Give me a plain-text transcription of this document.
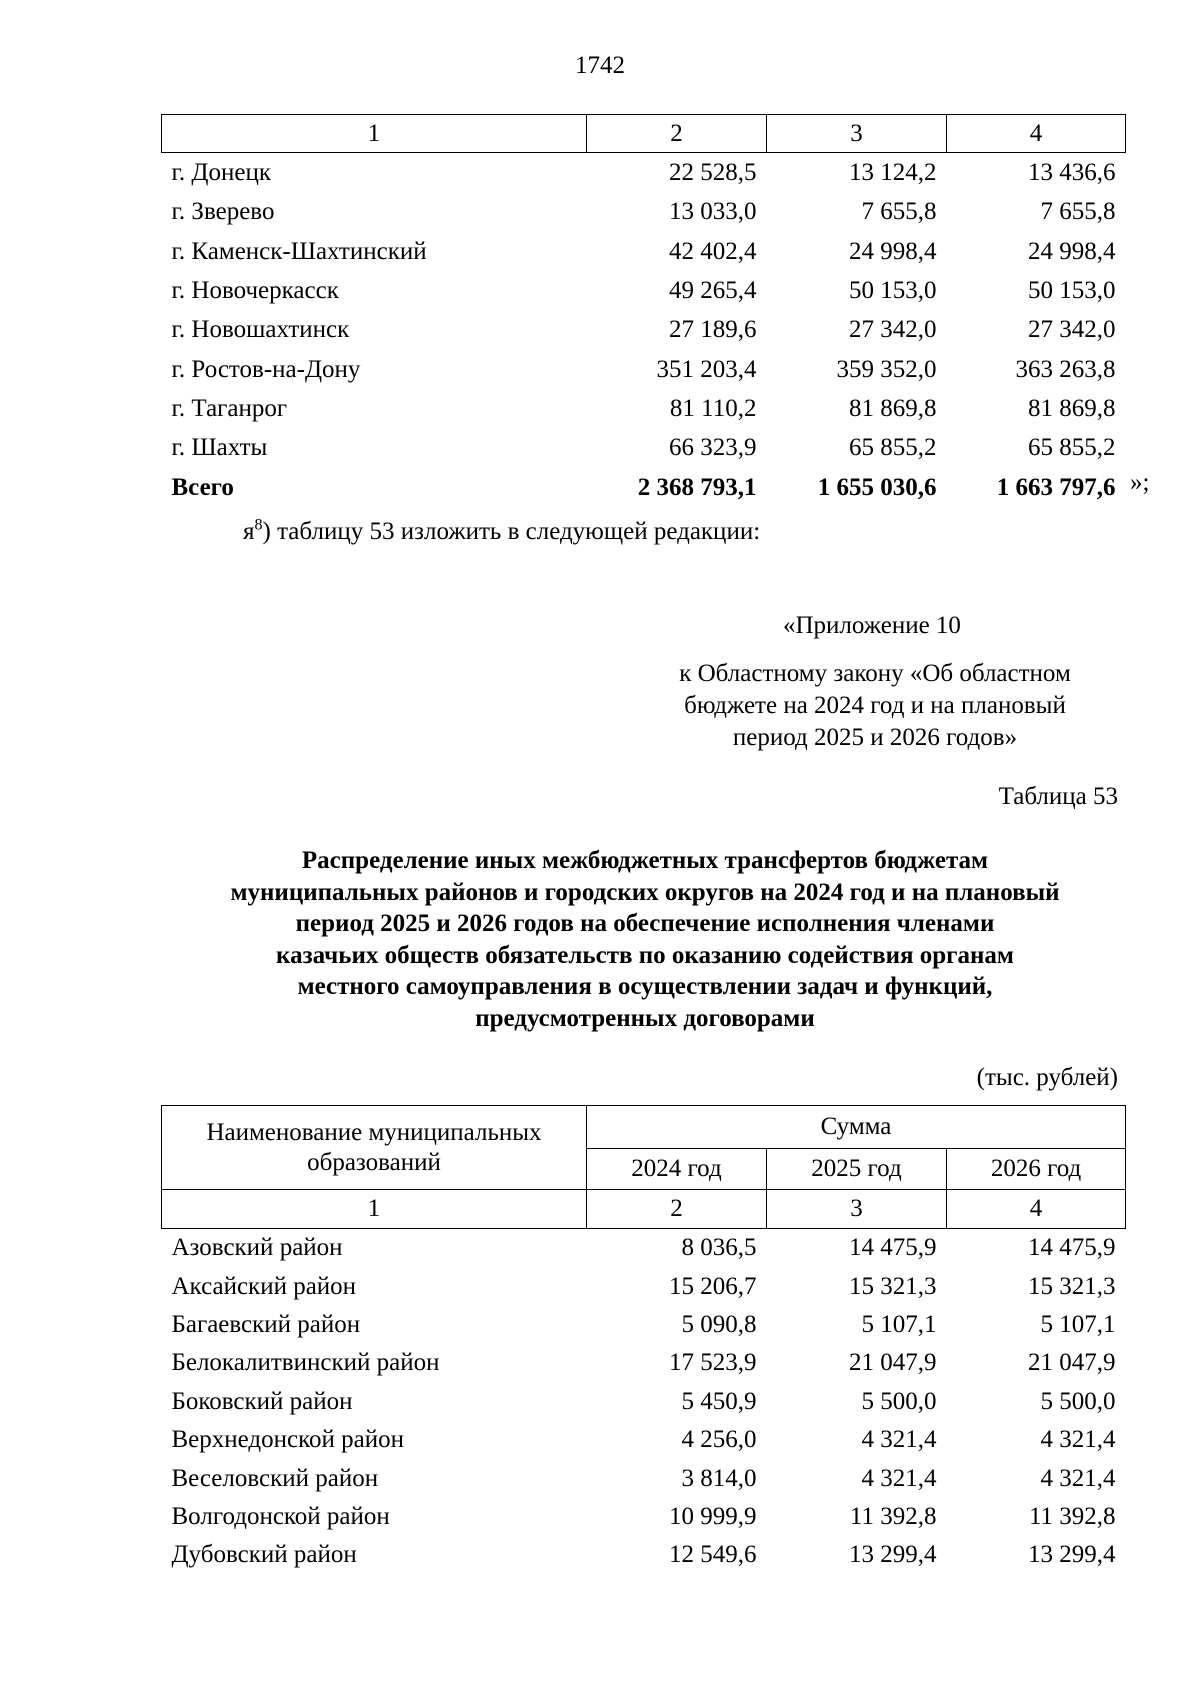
1742
1	2	3	4
г. Донецк	22 528,5	13 124,2	13 436,6
г. Зверево	13 033,0	7 655,8	7 655,8
г. Каменск-Шахтинский	42 402,4	24 998,4	24 998,4
г. Новочеркасск	49 265,4	50 153,0	50 153,0
г. Новошахтинск	27 189,6	27 342,0	27 342,0
г. Ростов-на-Дону	351 203,4	359 352,0	363 263,8
г. Таганрог	81 110,2	81 869,8	81 869,8
г. Шахты	66 323,9	65 855,2	65 855,2
Всего	2 368 793,1	1 655 030,6	1 663 797,6 »;
$я^8$) таблицу 53 изложить в следующей редакции:
«Приложение 10
к Областному закону «Об областном
бюджете на 2024 год и на плановый
период 2025 и 2026 годов»
Таблица 53
Распределение иных межбюджетных трансфертов бюджетам
муниципальных районов и городских округов на 2024 год и на плановый
период 2025 и 2026 годов на обеспечение исполнения членами
казачьих обществ обязательств по оказанию содействия органам
местного самоуправления в осуществлении задач и функций,
предусмотренных договорами
(тыс. рублей)
Наименование муниципальных
образований	Сумма		
	2024 год	2025 год	2026 год
1	2	3	4
Азовский район	8 036,5	14 475,9	14 475,9
Аксайский район	15 206,7	15 321,3	15 321,3
Багаевский район	5 090,8	5 107,1	5 107,1
Белокалитвинский район	17 523,9	21 047,9	21 047,9
Боковский район	5 450,9	5 500,0	5 500,0
Верхнедонской район	4 256,0	4 321,4	4 321,4
Веселовский район	3 814,0	4 321,4	4 321,4
Волгодонской район	10 999,9	11 392,8	11 392,8
Дубовский район	12 549,6	13 299,4	13 299,4
